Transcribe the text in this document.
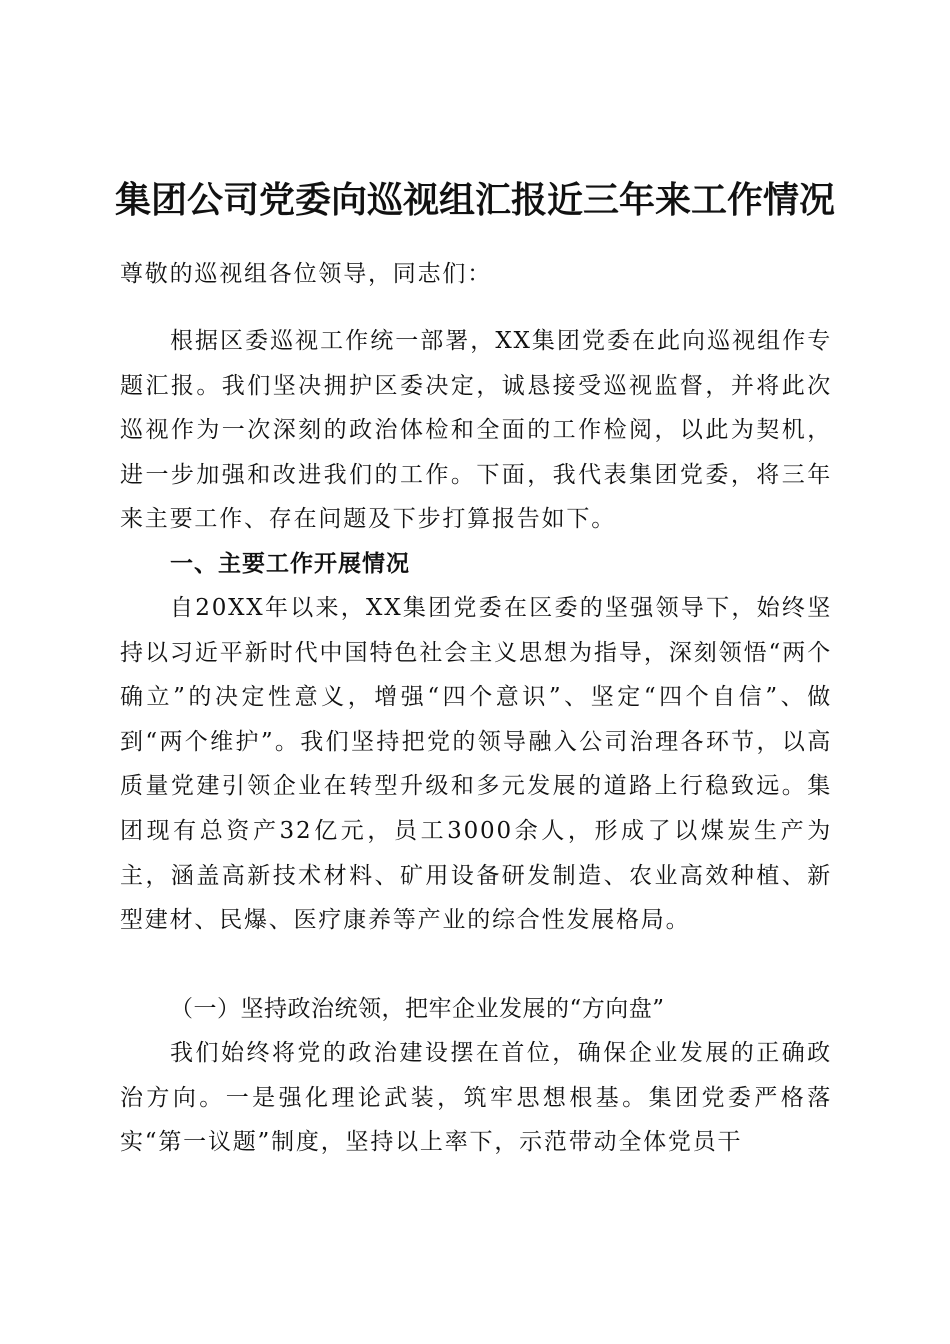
集团公司党委向巡视组汇报近三年来工作情况
尊敬的巡视组各位领导，同志们：
根据区委巡视工作统一部署，XX集团党委在此向巡视组作专题汇报。我们坚决拥护区委决定，诚恳接受巡视监督，并将此次巡视作为一次深刻的政治体检和全面的工作检阅，以此为契机，进一步加强和改进我们的工作。下面，我代表集团党委，将三年来主要工作、存在问题及下步打算报告如下。
一、主要工作开展情况
自20XX年以来，XX集团党委在区委的坚强领导下，始终坚持以习近平新时代中国特色社会主义思想为指导，深刻领悟“两个确立”的决定性意义，增强“四个意识”、坚定“四个自信”、做到“两个维护”。我们坚持把党的领导融入公司治理各环节，以高质量党建引领企业在转型升级和多元发展的道路上行稳致远。集团现有总资产32亿元，员工3000余人，形成了以煤炭生产为主，涵盖高新技术材料、矿用设备研发制造、农业高效种植、新型建材、民爆、医疗康养等产业的综合性发展格局。
（一）坚持政治统领，把牢企业发展的“方向盘”
我们始终将党的政治建设摆在首位，确保企业发展的正确政治方向。一是强化理论武装，筑牢思想根基。集团党委严格落实“第一议题”制度，坚持以上率下，示范带动全体党员干
